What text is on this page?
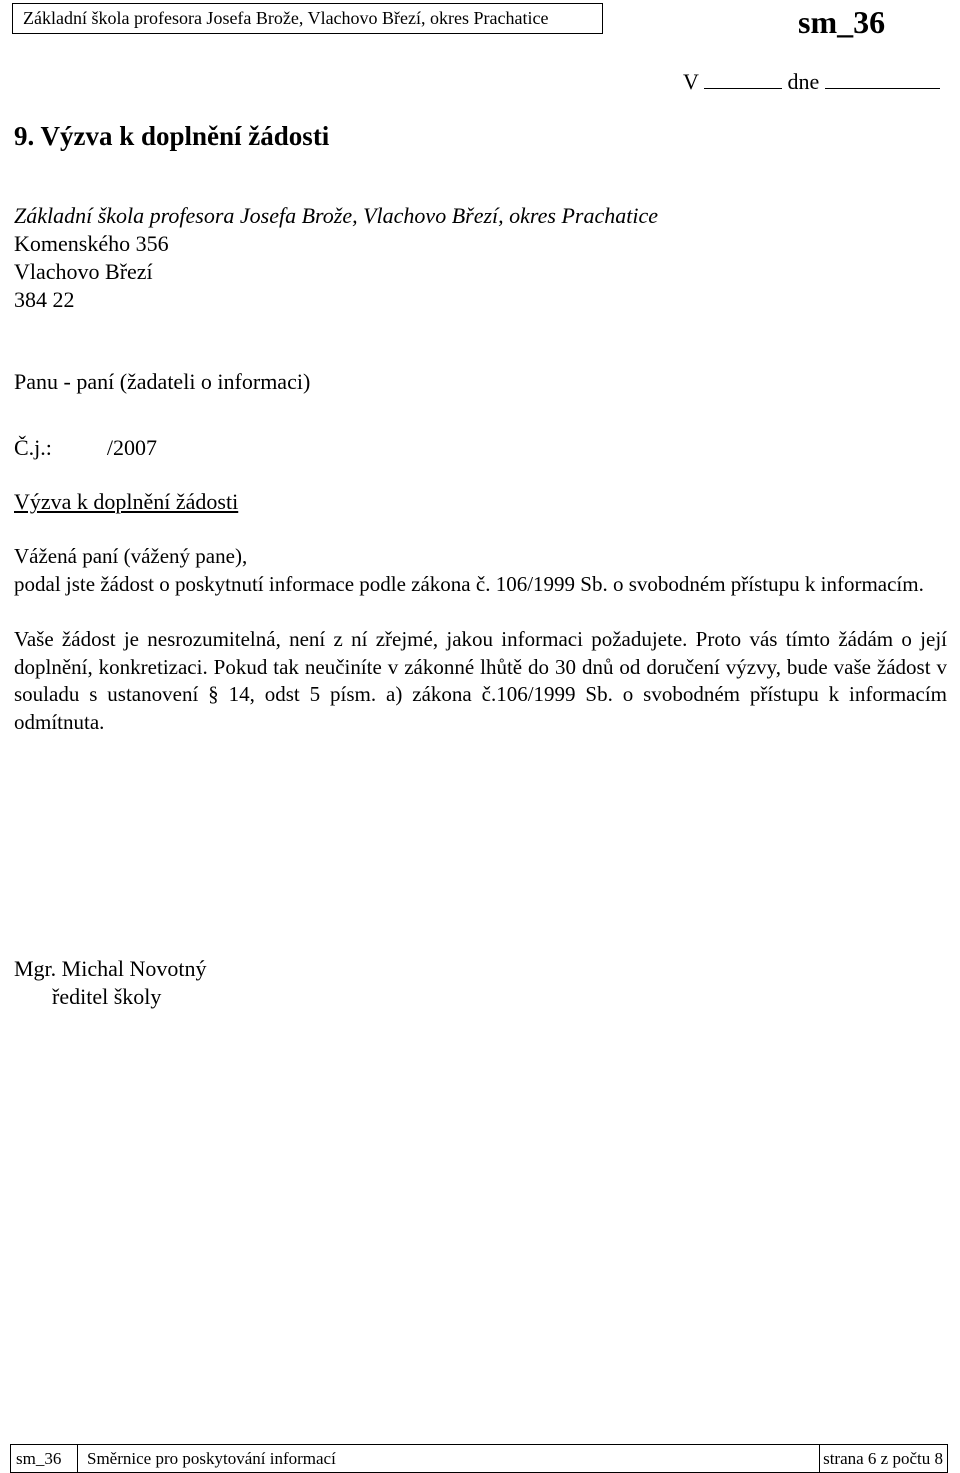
Základní škola profesora Josefa Brože, Vlachovo Březí, okres Prachatice	sm_36
V	dne
9. Výzva k doplnění žádosti
Základní škola profesora Josefa Brože, Vlachovo Březí, okres Prachatice
Komenského 356
Vlachovo Březí
384 22
Panu - paní (žadateli o informaci)
Č.j.:	/2007
Výzva k doplnění žádosti
Vážená paní (vážený pane),
podal jste žádost o poskytnutí informace podle zákona č. 106/1999 Sb. o svobodném přístupu k informacím.
Vaše žádost je nesrozumitelná, není z ní zřejmé, jakou informaci požadujete. Proto vás tímto žádám o její doplnění, konkretizaci. Pokud tak neučiníte v zákonné lhůtě do 30 dnů od doručení výzvy, bude vaše žádost v souladu s ustanovení § 14, odst 5 písm. a) zákona č.106/1999 Sb. o svobodném přístupu k informacím odmítnuta.
Mgr. Michal Novotný
ředitel školy
sm_36	Směrnice pro poskytování informací	strana 6 z počtu 8
